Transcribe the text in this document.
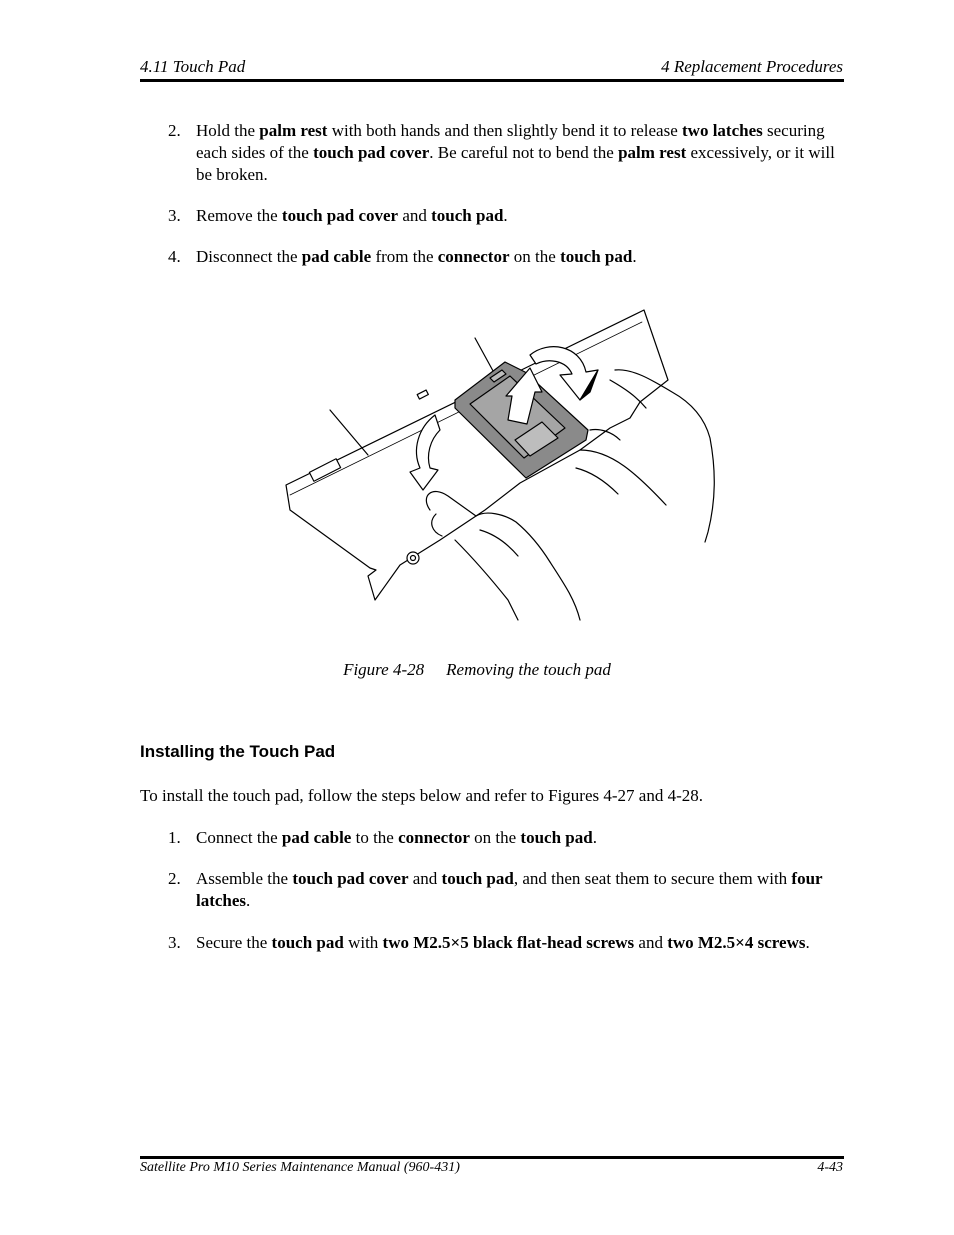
4.11 Touch Pad	4 Replacement Procedures
2. Hold the palm rest with both hands and then slightly bend it to release two latches securing each sides of the touch pad cover. Be careful not to bend the palm rest excessively, or it will be broken.
3. Remove the touch pad cover and touch pad.
4. Disconnect the pad cable from the connector on the touch pad.
Figure 4-28 Removing the touch pad
Installing the Touch Pad
To install the touch pad, follow the steps below and refer to Figures 4-27 and 4-28.
1. Connect the pad cable to the connector on the touch pad.
2. Assemble the touch pad cover and touch pad, and then seat them to secure them with four latches.
3. Secure the touch pad with two M2.5×5 black flat-head screws and two M2.5×4 screws.
Satellite Pro M10 Series Maintenance Manual (960-431)	4-43
